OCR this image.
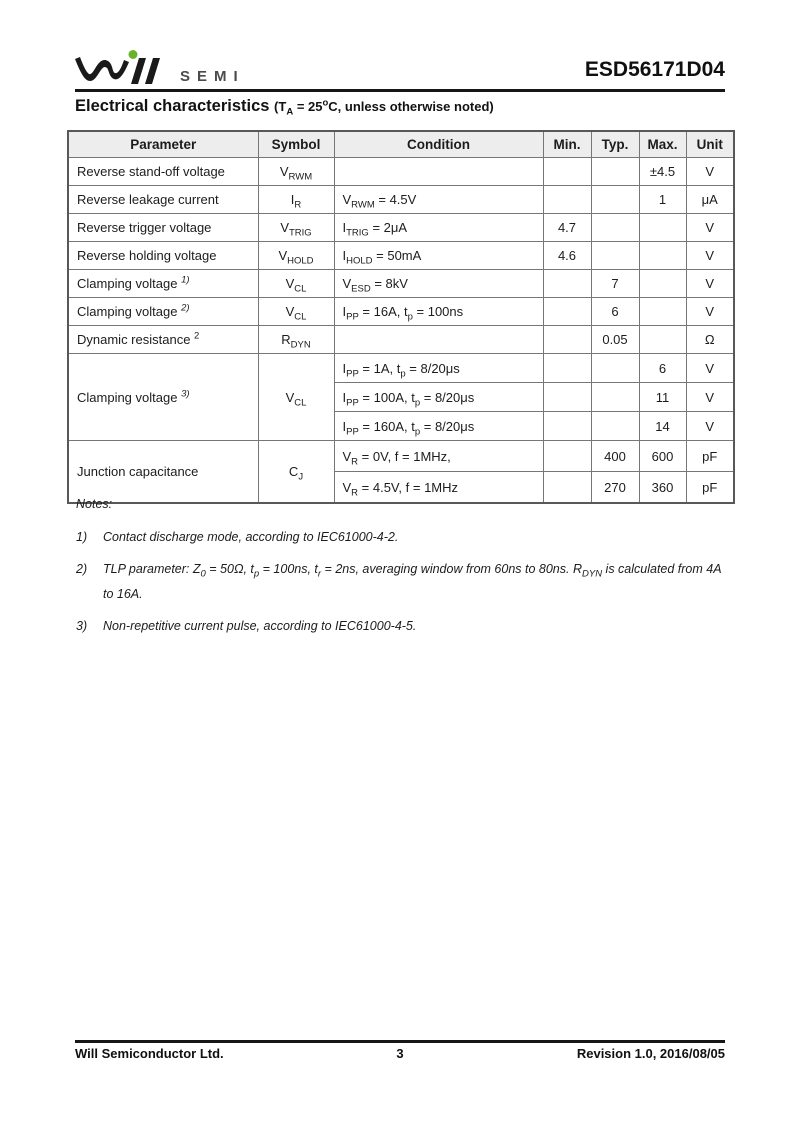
SEMI	ESD56171D04
Electrical characteristics ($T_A = 25^oC$, unless otherwise noted)
Parameter	Symbol	Condition	Min.	Typ.	Max.	Unit
Reverse stand-off voltage	$V_{RWM}$				±4.5	V
Reverse leakage current	$I_R$	$V_{RWM} = 4.5V$			1	μA
Reverse trigger voltage	$V_{TRIG}$	$I_{TRIG} = 2\mu A$	4.7			V
Reverse holding voltage	$V_{HOLD}$	$I_{HOLD} = 50mA$	4.6			V
Clamping voltage $^{1)}$	$V_{CL}$	$V_{ESD} = 8kV$		7		V
Clamping voltage $^{2)}$	$V_{CL}$	$I_{PP} = 16A$, $t_p = 100ns$		6		V
Dynamic resistance $^2$	$R_{DYN}$			0.05		Ω
Clamping voltage $^{3)}$	$V_{CL}$	$I_{PP} = 1A$, $t_p = 8/20\mu s$			6	V
		$I_{PP} = 100A$, $t_p = 8/20\mu s$			11	V
		$I_{PP} = 160A$, $t_p = 8/20\mu s$			14	V
Junction capacitance	$C_J$	$V_R = 0V$, f = 1MHz,		400	600	pF
		$V_R = 4.5V$, f = 1MHz		270	360	pF
Notes:
1)	Contact discharge mode, according to IEC61000-4-2.
2)	TLP parameter: $Z_0 = 50\Omega$, $t_p = 100ns$, $t_r = 2ns$, averaging window from 60ns to 80ns. $R_{DYN}$ is calculated from 4A to 16A.
3)	Non-repetitive current pulse, according to IEC61000-4-5.
Will Semiconductor Ltd.	3	Revision 1.0, 2016/08/05
